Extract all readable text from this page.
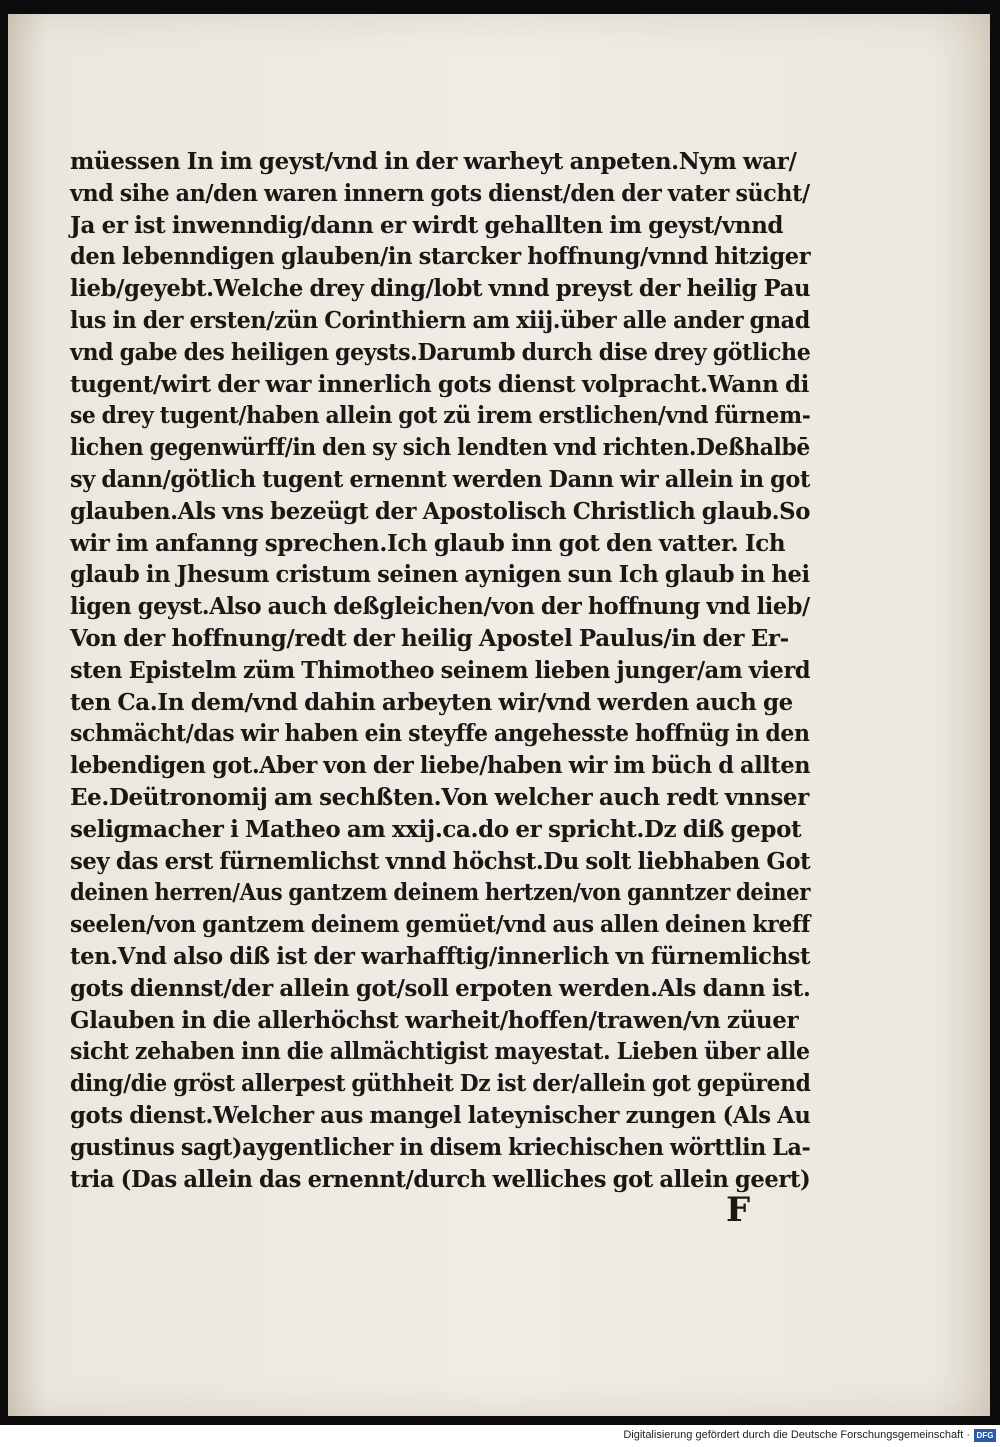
müessen In im geyst/vnd in der warheyt anpeten.Nym war/
vnd sihe an/den waren innern gots dienst/den der vater sücht/
Ja er ist inwenndig/dann er wirdt gehallten im geyst/vnnd
den lebenndigen glauben/in starcker hoffnung/vnnd hitziger
lieb/geyebt.Welche drey ding/lobt vnnd preyst der heilig Pau
lus in der ersten/zün Corinthiern am xiij.über alle ander gnad
vnd gabe des heiligen geysts.Darumb durch dise drey götliche
tugent/wirt der war innerlich gots dienst volpracht.Wann di
se drey tugent/haben allein got zü irem erstlichen/vnd fürnem-
lichen gegenwürff/in den sy sich lendten vnd richten.Deßhalbē
sy dann/götlich tugent ernennt werden Dann wir allein in got
glauben.Als vns bezeügt der Apostolisch Christlich glaub.So
wir im anfanng sprechen.Ich glaub inn got den vatter. Ich
glaub in Jhesum cristum seinen aynigen sun Ich glaub in hei
ligen geyst.Also auch deßgleichen/von der hoffnung vnd lieb/
Von der hoffnung/redt der heilig Apostel Paulus/in der Er-
sten Epistelm züm Thimotheo seinem lieben junger/am vierd
ten Ca.In dem/vnd dahin arbeyten wir/vnd werden auch ge
schmächt/das wir haben ein steyffe angehesste hoffnüg in den
lebendigen got.Aber von der liebe/haben wir im büch d allten
Ee.Deütronomij am sechßten.Von welcher auch redt vnnser
seligmacher i Matheo am xxij.ca.do er spricht.Dz diß gepot
sey das erst fürnemlichst vnnd höchst.Du solt liebhaben Got
deinen herren/Aus gantzem deinem hertzen/von ganntzer deiner
seelen/von gantzem deinem gemüet/vnd aus allen deinen kreff
ten.Vnd also diß ist der warhafftig/innerlich vn fürnemlichst
gots diennst/der allein got/soll erpoten werden.Als dann ist.
Glauben in die allerhöchst warheit/hoffen/trawen/vn züuer
sicht zehaben inn die allmächtigist mayestat. Lieben über alle
ding/die gröst allerpest güthheit Dz ist der/allein got gepürend
gots dienst.Welcher aus mangel lateynischer zungen (Als Au
gustinus sagt)aygentlicher in disem kriechischen wörttlin La-
tria (Das allein das ernennt/durch welliches got allein geert)
F
Digitalisierung gefördert durch die Deutsche Forschungsgemeinschaft · DFG
